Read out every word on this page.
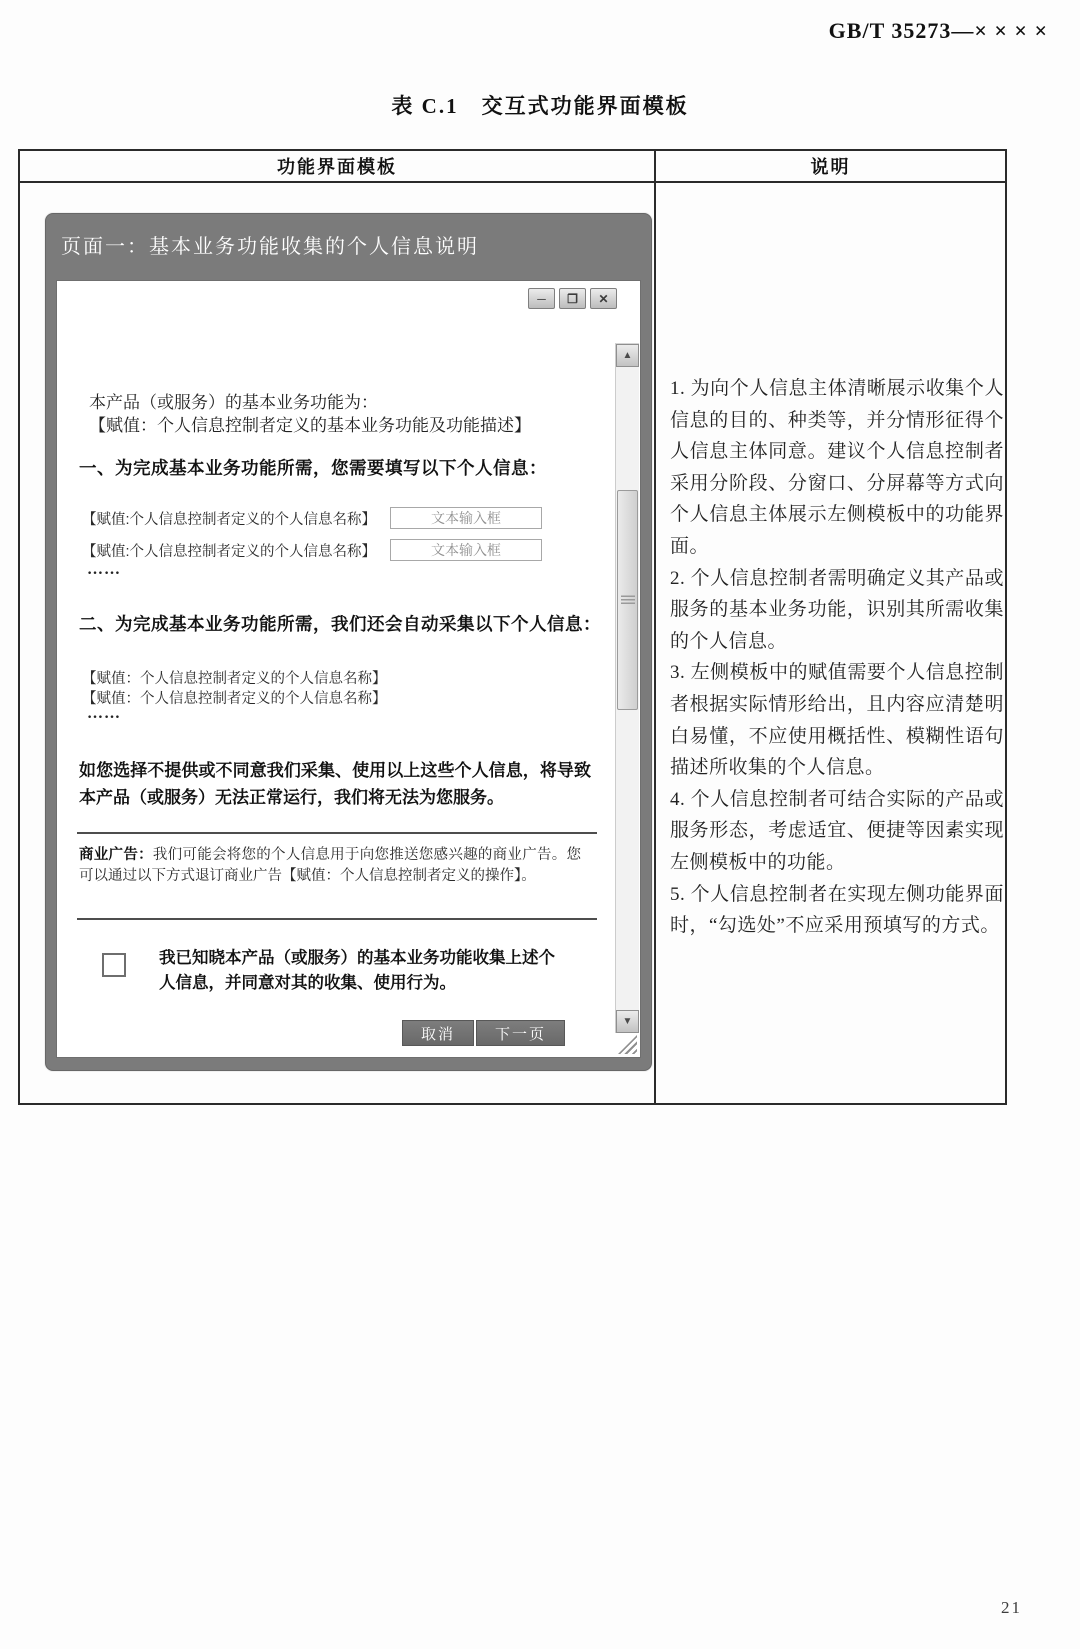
GB/T 35273—× × × ×
表 C.1　交互式功能界面模板
功能界面模板	说明
页面一：基本业务功能收集的个人信息说明
─	❐	✕
▲
▼
本产品（或服务）的基本业务功能为：
【赋值：个人信息控制者定义的基本业务功能及功能描述】
一、为完成基本业务功能所需，您需要填写以下个人信息：
【赋值:个人信息控制者定义的个人信息名称】
文本输入框
【赋值:个人信息控制者定义的个人信息名称】
文本输入框
……
二、为完成基本业务功能所需，我们还会自动采集以下个人信息：
【赋值：个人信息控制者定义的个人信息名称】
【赋值：个人信息控制者定义的个人信息名称】
……
如您选择不提供或不同意我们采集、使用以上这些个人信息，将导致本产品（或服务）无法正常运行，我们将无法为您服务。
商业广告：我们可能会将您的个人信息用于向您推送您感兴趣的商业广告。您可以通过以下方式退订商业广告【赋值：个人信息控制者定义的操作】。
我已知晓本产品（或服务）的基本业务功能收集上述个人信息，并同意对其的收集、使用行为。
取消	下一页

1. 为向个人信息主体清晰展示收集个人信息的目的、种类等，并分情形征得个人信息主体同意。建议个人信息控制者采用分阶段、分窗口、分屏幕等方式向个人信息主体展示左侧模板中的功能界面。

2. 个人信息控制者需明确定义其产品或服务的基本业务功能，识别其所需收集的个人信息。

3. 左侧模板中的赋值需要个人信息控制者根据实际情形给出，且内容应清楚明白易懂，不应使用概括性、模糊性语句描述所收集的个人信息。

4. 个人信息控制者可结合实际的产品或服务形态，考虑适宜、便捷等因素实现左侧模板中的功能。

5. 个人信息控制者在实现左侧功能界面时，“勾选处”不应采用预填写的方式。

21
